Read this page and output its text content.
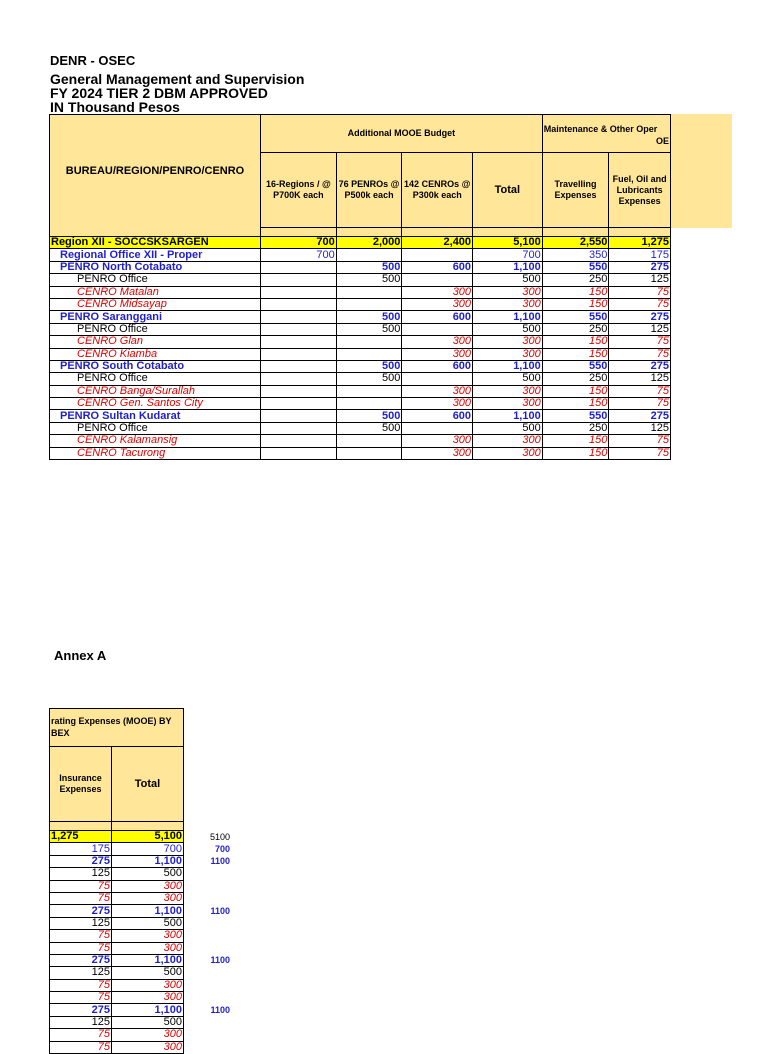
DENR - OSEC
General Management and Supervision
FY 2024 TIER 2 DBM APPROVED
IN Thousand Pesos
BUREAU/REGION/PENRO/CENRO	Additional MOOE Budget				Maintenance & Other Oper

OE	

	16-Regions / @ P700K each	76 PENROs @ P500k each	142 CENROs @ P300k each	Total	Travelling Expenses	Fuel, Oil and Lubricants Expenses

Region XII - SOCCSKSARGEN	700	2,000	2,400	5,100	2,550	1,275
Regional Office XII - Proper	700			700	350	175
PENRO North Cotabato		500	600	1,100	550	275
PENRO Office		500		500	250	125
CENRO Matalan			300	300	150	75
CENRO Midsayap			300	300	150	75
PENRO Saranggani		500	600	1,100	550	275
PENRO Office		500		500	250	125
CENRO Glan			300	300	150	75
CENRO Kiamba			300	300	150	75
PENRO South Cotabato		500	600	1,100	550	275
PENRO Office		500		500	250	125
CENRO Banga/Surallah			300	300	150	75
CENRO Gen. Santos City			300	300	150	75
PENRO Sultan Kudarat		500	600	1,100	550	275
PENRO Office		500		500	250	125
CENRO Kalamansig			300	300	150	75
CENRO Tacurong			300	300	150	75
Annex A
rating Expenses (MOOE) BY
BEX	
Insurance Expenses	Total

1,275	5,100
175	700
275	1,100
125	500
75	300
75	300
275	1,100
125	500
75	300
75	300
275	1,100
125	500
75	300
75	300
275	1,100
125	500
75	300
75	300
5100
700
1100
1100
1100
1100
